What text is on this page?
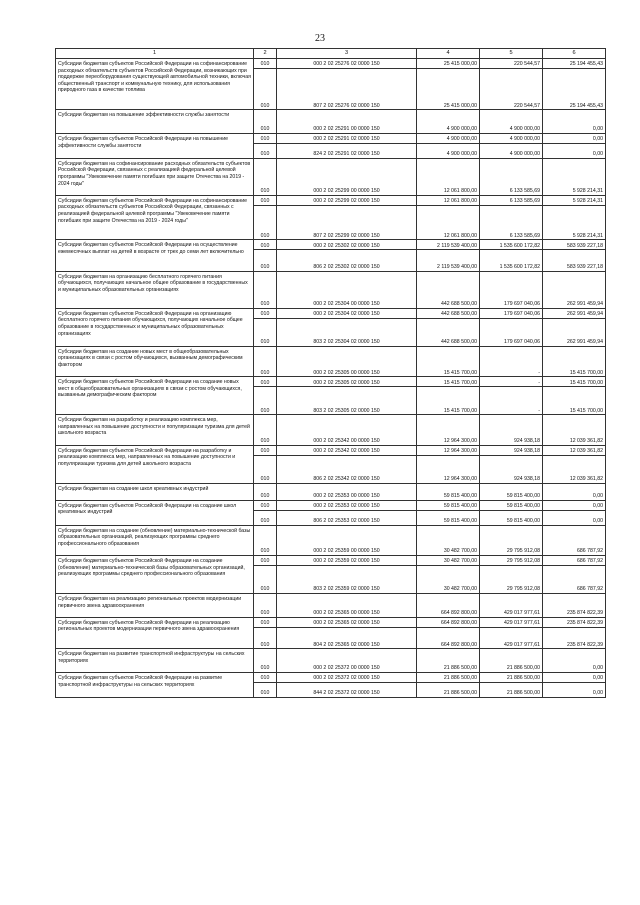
23
1	2	3	4	5	6
Субсидии бюджетам субъектов Российской Федерации на софинансирование расходных обязательств субъектов Российской Федерации, возникающих при поддержке переоборудования существующей автомобильной техники, включая общественный транспорт и коммунальную технику, для использования природного газа в качестве топлива	010	000 2 02 25276 02 0000 150	25 415 000,00	220 544,57	25 194 455,43
	010	807 2 02 25276 02 0000 150	25 415 000,00	220 544,57	25 194 455,43
Субсидии бюджетам на повышение эффективности службы занятости	010	000 2 02 25291 00 0000 150	4 900 000,00	4 900 000,00	0,00
Субсидии бюджетам субъектов Российской Федерации на повышение эффективности службы занятости	010	000 2 02 25291 02 0000 150	4 900 000,00	4 900 000,00	0,00
	010	824 2 02 25291 02 0000 150	4 900 000,00	4 900 000,00	0,00
Субсидии бюджетам на софинансирование расходных обязательств субъектов Российской Федерации, связанных с реализацией федеральной целевой программы "Увековечение памяти погибших при защите Отечества на 2019 - 2024 годы"	010	000 2 02 25299 00 0000 150	12 061 800,00	6 133 585,69	5 928 214,31
Субсидии бюджетам субъектов Российской Федерации на софинансирование расходных обязательств субъектов Российской Федерации, связанных с реализацией федеральной целевой программы "Увековечение памяти погибших при защите Отечества на 2019 - 2024 годы"	010	000 2 02 25299 02 0000 150	12 061 800,00	6 133 585,69	5 928 214,31
	010	807 2 02 25299 02 0000 150	12 061 800,00	6 133 585,69	5 928 214,31
Субсидии бюджетам субъектов Российской Федерации на осуществление ежемесячных выплат на детей в возрасте от трех до семи лет включительно	010	000 2 02 25302 02 0000 150	2 119 539 400,00	1 535 600 172,82	583 939 227,18
	010	806 2 02 25302 02 0000 150	2 119 539 400,00	1 535 600 172,82	583 939 227,18
Субсидии бюджетам на организацию бесплатного горячего питания обучающихся, получающих начальное общее образование в государственных и муниципальных образовательных организациях	010	000 2 02 25304 00 0000 150	442 688 500,00	179 697 040,06	262 991 459,94
Субсидии бюджетам субъектов Российской Федерации на организацию бесплатного горячего питания обучающихся, получающих начальное общее образование в государственных и муниципальных образовательных организациях	010	000 2 02 25304 02 0000 150	442 688 500,00	179 697 040,06	262 991 459,94
	010	803 2 02 25304 02 0000 150	442 688 500,00	179 697 040,06	262 991 459,94
Субсидии бюджетам на создание новых мест в общеобразовательных организациях в связи с ростом обучающихся, вызванным демографическим фактором	010	000 2 02 25305 00 0000 150	15 415 700,00	-	15 415 700,00
Субсидии бюджетам субъектов Российской Федерации на создание новых мест в общеобразовательных организациях в связи с ростом обучающихся, вызванным демографическим фактором	010	000 2 02 25305 02 0000 150	15 415 700,00	-	15 415 700,00
	010	803 2 02 25305 02 0000 150	15 415 700,00	-	15 415 700,00
Субсидии бюджетам на разработку и реализацию комплекса мер, направленных на повышение доступности и популяризации туризма для детей школьного возраста	010	000 2 02 25342 00 0000 150	12 964 300,00	924 938,18	12 039 361,82
Субсидии бюджетам субъектов Российской Федерации на разработку и реализацию комплекса мер, направленных на повышение доступности и популяризации туризма для детей школьного возраста	010	000 2 02 25342 02 0000 150	12 964 300,00	924 938,18	12 039 361,82
	010	806 2 02 25342 02 0000 150	12 964 300,00	924 938,18	12 039 361,82
Субсидии бюджетам на создание школ креативных индустрий	010	000 2 02 25353 00 0000 150	59 815 400,00	59 815 400,00	0,00
Субсидии бюджетам субъектов Российской Федерации на создание школ креативных индустрий	010	000 2 02 25353 02 0000 150	59 815 400,00	59 815 400,00	0,00
	010	806 2 02 25353 02 0000 150	59 815 400,00	59 815 400,00	0,00
Субсидии бюджетам на создание (обновление) материально-технической базы образовательных организаций, реализующих программы среднего профессионального образования	010	000 2 02 25359 00 0000 150	30 482 700,00	29 795 912,08	686 787,92
Субсидии бюджетам субъектов Российской Федерации на создание (обновление) материально-технической базы образовательных организаций, реализующих программы среднего профессионального образования	010	000 2 02 25359 02 0000 150	30 482 700,00	29 795 912,08	686 787,92
	010	803 2 02 25359 02 0000 150	30 482 700,00	29 795 912,08	686 787,92
Субсидии бюджетам на реализацию региональных проектов модернизации первичного звена здравоохранения	010	000 2 02 25365 00 0000 150	664 892 800,00	429 017 977,61	235 874 822,39
Субсидии бюджетам субъектов Российской Федерации на реализацию региональных проектов модернизации первичного звена здравоохранения	010	000 2 02 25365 02 0000 150	664 892 800,00	429 017 977,61	235 874 822,39
	010	804 2 02 25365 02 0000 150	664 892 800,00	429 017 977,61	235 874 822,39
Субсидии бюджетам на развитие транспортной инфраструктуры на сельских территориях	010	000 2 02 25372 00 0000 150	21 886 500,00	21 886 500,00	0,00
Субсидии бюджетам субъектов Российской Федерации на развитие транспортной инфраструктуры на сельских территориях	010	000 2 02 25372 02 0000 150	21 886 500,00	21 886 500,00	0,00
	010	844 2 02 25372 02 0000 150	21 886 500,00	21 886 500,00	0,00
